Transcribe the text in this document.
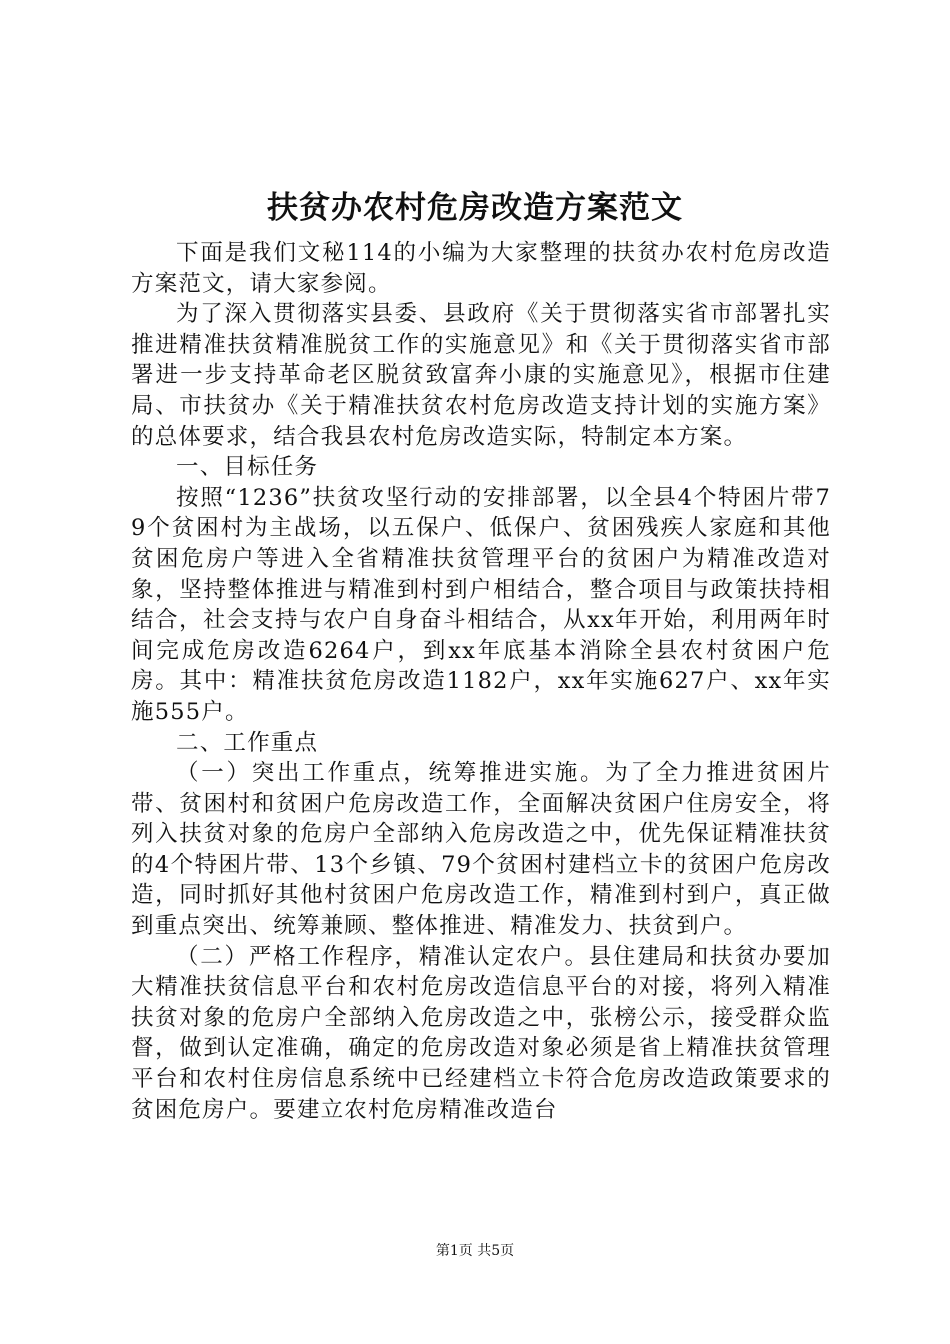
扶贫办农村危房改造方案范文

下面是我们文秘114的小编为大家整理的扶贫办农村危房改造方案范文，请大家参阅。

为了深入贯彻落实县委、县政府《关于贯彻落实省市部署扎实推进精准扶贫精准脱贫工作的实施意见》和《关于贯彻落实省市部署进一步支持革命老区脱贫致富奔小康的实施意见》，根据市住建局、市扶贫办《关于精准扶贫农村危房改造支持计划的实施方案》的总体要求，结合我县农村危房改造实际，特制定本方案。

一、目标任务

按照“1236”扶贫攻坚行动的安排部署，以全县4个特困片带79个贫困村为主战场，以五保户、低保户、贫困残疾人家庭和其他贫困危房户等进入全省精准扶贫管理平台的贫困户为精准改造对象，坚持整体推进与精准到村到户相结合，整合项目与政策扶持相结合，社会支持与农户自身奋斗相结合，从xx年开始，利用两年时间完成危房改造6264户，到xx年底基本消除全县农村贫困户危房。其中：精准扶贫危房改造1182户，xx年实施627户、xx年实施555户。

二、工作重点

（一）突出工作重点，统筹推进实施。为了全力推进贫困片带、贫困村和贫困户危房改造工作，全面解决贫困户住房安全，将列入扶贫对象的危房户全部纳入危房改造之中，优先保证精准扶贫的4个特困片带、13个乡镇、79个贫困村建档立卡的贫困户危房改造，同时抓好其他村贫困户危房改造工作，精准到村到户，真正做到重点突出、统筹兼顾、整体推进、精准发力、扶贫到户。

（二）严格工作程序，精准认定农户。县住建局和扶贫办要加大精准扶贫信息平台和农村危房改造信息平台的对接，将列入精准扶贫对象的危房户全部纳入危房改造之中，张榜公示，接受群众监督，做到认定准确，确定的危房改造对象必须是省上精准扶贫管理平台和农村住房信息系统中已经建档立卡符合危房改造政策要求的贫困危房户。要建立农村危房精准改造台

第1页 共5页
